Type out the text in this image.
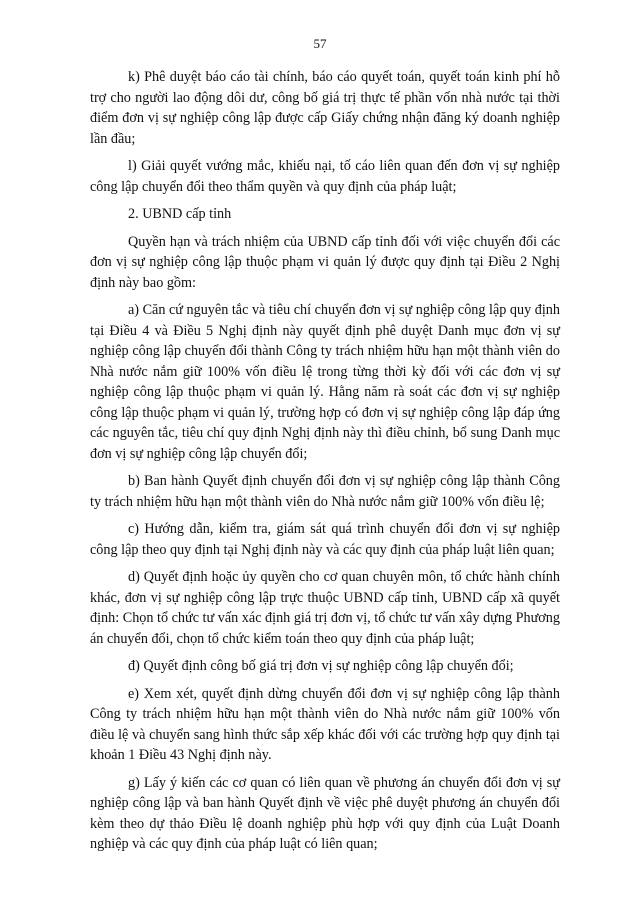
57

k) Phê duyệt báo cáo tài chính, báo cáo quyết toán, quyết toán kinh phí hỗ trợ cho người lao động dôi dư, công bố giá trị thực tế phần vốn nhà nước tại thời điểm đơn vị sự nghiệp công lập được cấp Giấy chứng nhận đăng ký doanh nghiệp lần đầu;

l) Giải quyết vướng mắc, khiếu nại, tố cáo liên quan đến đơn vị sự nghiệp công lập chuyển đổi theo thẩm quyền và quy định của pháp luật;

2. UBND cấp tỉnh

Quyền hạn và trách nhiệm của UBND cấp tỉnh đối với việc chuyển đổi các đơn vị sự nghiệp công lập thuộc phạm vi quản lý được quy định tại Điều 2 Nghị định này bao gồm:

a) Căn cứ nguyên tắc và tiêu chí chuyển đơn vị sự nghiệp công lập quy định tại Điều 4 và Điều 5 Nghị định này quyết định phê duyệt Danh mục đơn vị sự nghiệp công lập chuyển đổi thành Công ty trách nhiệm hữu hạn một thành viên do Nhà nước nắm giữ 100% vốn điều lệ trong từng thời kỳ đối với các đơn vị sự nghiệp công lập thuộc phạm vi quản lý. Hằng năm rà soát các đơn vị sự nghiệp công lập thuộc phạm vi quản lý, trường hợp có đơn vị sự nghiệp công lập đáp ứng các nguyên tắc, tiêu chí quy định Nghị định này thì điều chỉnh, bổ sung Danh mục đơn vị sự nghiệp công lập chuyển đổi;

b) Ban hành Quyết định chuyển đổi đơn vị sự nghiệp công lập thành Công ty trách nhiệm hữu hạn một thành viên do Nhà nước nắm giữ 100% vốn điều lệ;

c) Hướng dẫn, kiểm tra, giám sát quá trình chuyển đổi đơn vị sự nghiệp công lập theo quy định tại Nghị định này và các quy định của pháp luật liên quan;

d) Quyết định hoặc ủy quyền cho cơ quan chuyên môn, tổ chức hành chính khác, đơn vị sự nghiệp công lập trực thuộc UBND cấp tỉnh, UBND cấp xã quyết định: Chọn tổ chức tư vấn xác định giá trị đơn vị, tổ chức tư vấn xây dựng Phương án chuyển đổi, chọn tổ chức kiểm toán theo quy định của pháp luật;

đ) Quyết định công bố giá trị đơn vị sự nghiệp công lập chuyển đổi;

e) Xem xét, quyết định dừng chuyển đổi đơn vị sự nghiệp công lập thành Công ty trách nhiệm hữu hạn một thành viên do Nhà nước nắm giữ 100% vốn điều lệ và chuyển sang hình thức sắp xếp khác đối với các trường hợp quy định tại khoản 1 Điều 43 Nghị định này.

g) Lấy ý kiến các cơ quan có liên quan về phương án chuyển đổi đơn vị sự nghiệp công lập và ban hành Quyết định về việc phê duyệt phương án chuyển đổi kèm theo dự thảo Điều lệ doanh nghiệp phù hợp với quy định của Luật Doanh nghiệp và các quy định của pháp luật có liên quan;
